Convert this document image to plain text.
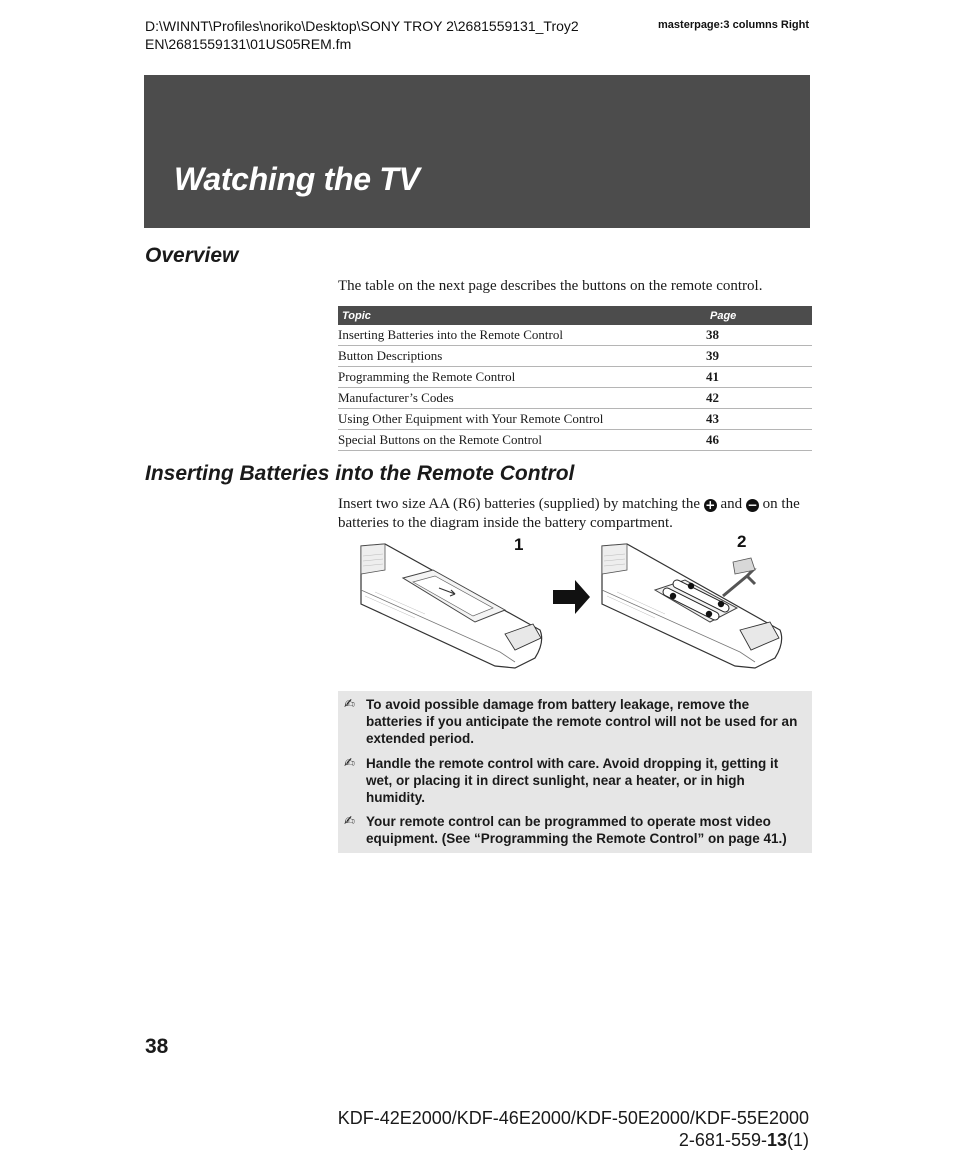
D:\WINNT\Profiles\noriko\Desktop\SONY TROY 2\2681559131_Troy2
EN\2681559131\01US05REM.fm
masterpage:3 columns Right
Watching the TV
Overview

The table on the next page describes the buttons on the remote control.

Topic	Page
Inserting Batteries into the Remote Control	38
Button Descriptions	39
Programming the Remote Control	41
Manufacturer’s Codes	42
Using Other Equipment with Your Remote Control	43
Special Buttons on the Remote Control	46
Inserting Batteries into the Remote Control

Insert two size AA (R6) batteries (supplied) by matching the + and − on the batteries to the diagram inside the battery compartment.

1	2
✍ To avoid possible damage from battery leakage, remove the batteries if you anticipate the remote control will not be used for an extended period.
✍ Handle the remote control with care. Avoid dropping it, getting it wet, or placing it in direct sunlight, near a heater, or in high humidity.
✍ Your remote control can be programmed to operate most video equipment. (See “Programming the Remote Control” on page 41.)
38
KDF-42E2000/KDF-46E2000/KDF-50E2000/KDF-55E2000
2-681-559-13(1)
